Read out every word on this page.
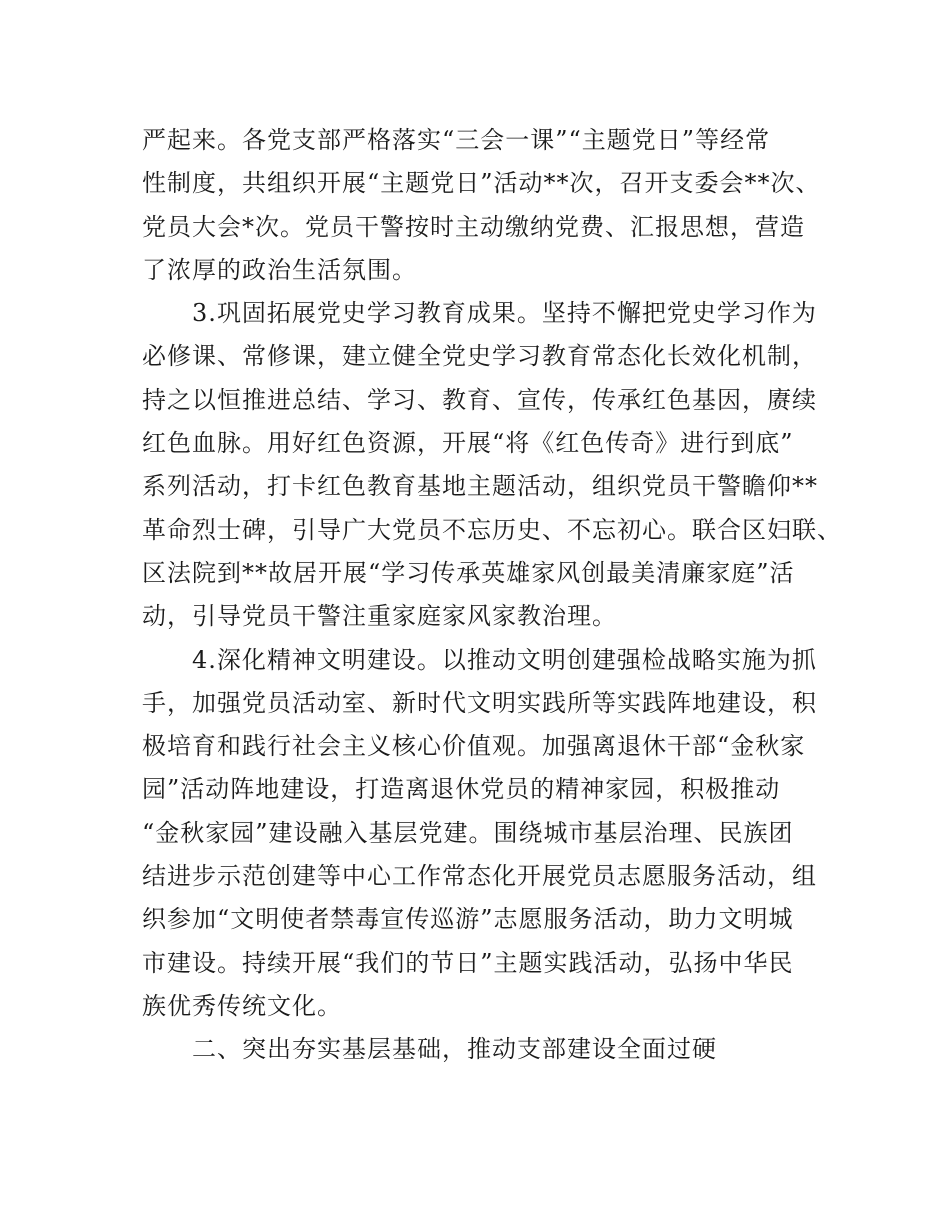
严起来。各党支部严格落实“三会一课”“主题党日”等经常
性制度，共组织开展“主题党日”活动**次，召开支委会**次、
党员大会*次。党员干警按时主动缴纳党费、汇报思想，营造
了浓厚的政治生活氛围。
3.巩固拓展党史学习教育成果。坚持不懈把党史学习作为
必修课、常修课，建立健全党史学习教育常态化长效化机制，
持之以恒推进总结、学习、教育、宣传，传承红色基因，赓续
红色血脉。用好红色资源，开展“将《红色传奇》进行到底”
系列活动，打卡红色教育基地主题活动，组织党员干警瞻仰**
革命烈士碑，引导广大党员不忘历史、不忘初心。联合区妇联、
区法院到**故居开展“学习传承英雄家风创最美清廉家庭”活
动，引导党员干警注重家庭家风家教治理。
4.深化精神文明建设。以推动文明创建强检战略实施为抓
手，加强党员活动室、新时代文明实践所等实践阵地建设，积
极培育和践行社会主义核心价值观。加强离退休干部“金秋家
园”活动阵地建设，打造离退休党员的精神家园，积极推动
“金秋家园”建设融入基层党建。围绕城市基层治理、民族团
结进步示范创建等中心工作常态化开展党员志愿服务活动，组
织参加“文明使者禁毒宣传巡游”志愿服务活动，助力文明城
市建设。持续开展“我们的节日”主题实践活动，弘扬中华民
族优秀传统文化。
二、突出夯实基层基础，推动支部建设全面过硬
